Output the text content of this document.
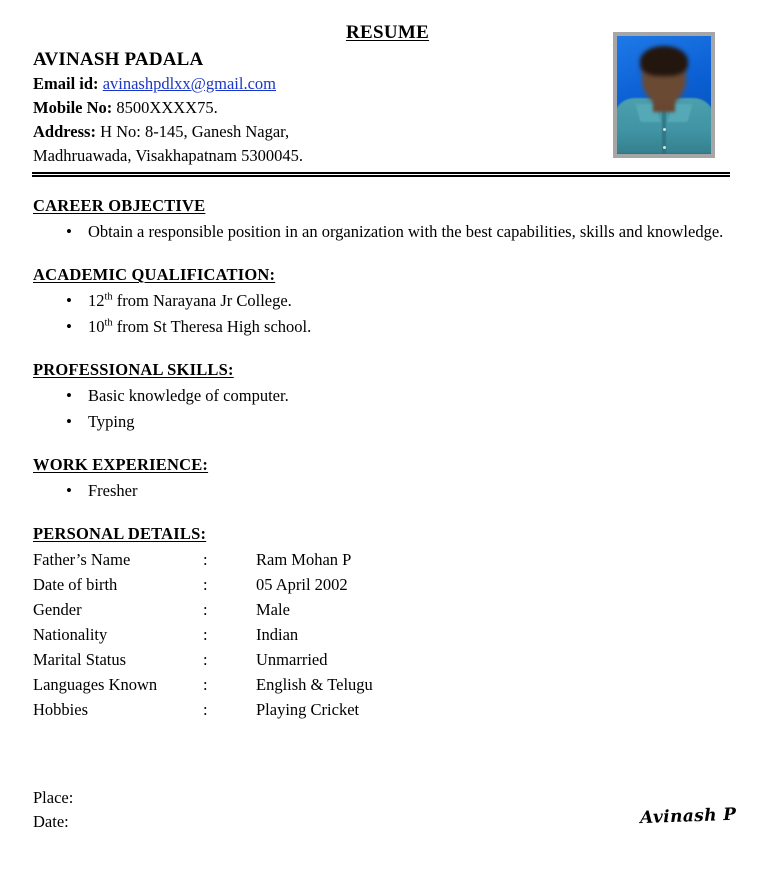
RESUME
AVINASH PADALA
Email id: avinashpdlxx@gmail.com
Mobile No: 8500XXXX75.
Address: H No: 8-145, Ganesh Nagar,
Madhruawada, Visakhapatnam 5300045.
CAREER OBJECTIVE
• Obtain a responsible position in an organization with the best capabilities, skills and knowledge.
ACADEMIC QUALIFICATION:
• 12th from Narayana Jr College.
• 10th from St Theresa High school.
PROFESSIONAL SKILLS:
• Basic knowledge of computer.
• Typing
WORK EXPERIENCE:
• Fresher
PERSONAL DETAILS:
Father’s Name	:	Ram Mohan P
Date of birth	:	05 April 2002
Gender	:	Male
Nationality	:	Indian
Marital Status	:	Unmarried
Languages Known	:	English & Telugu
Hobbies	:	Playing Cricket
Place:
Date:	Avinash P
